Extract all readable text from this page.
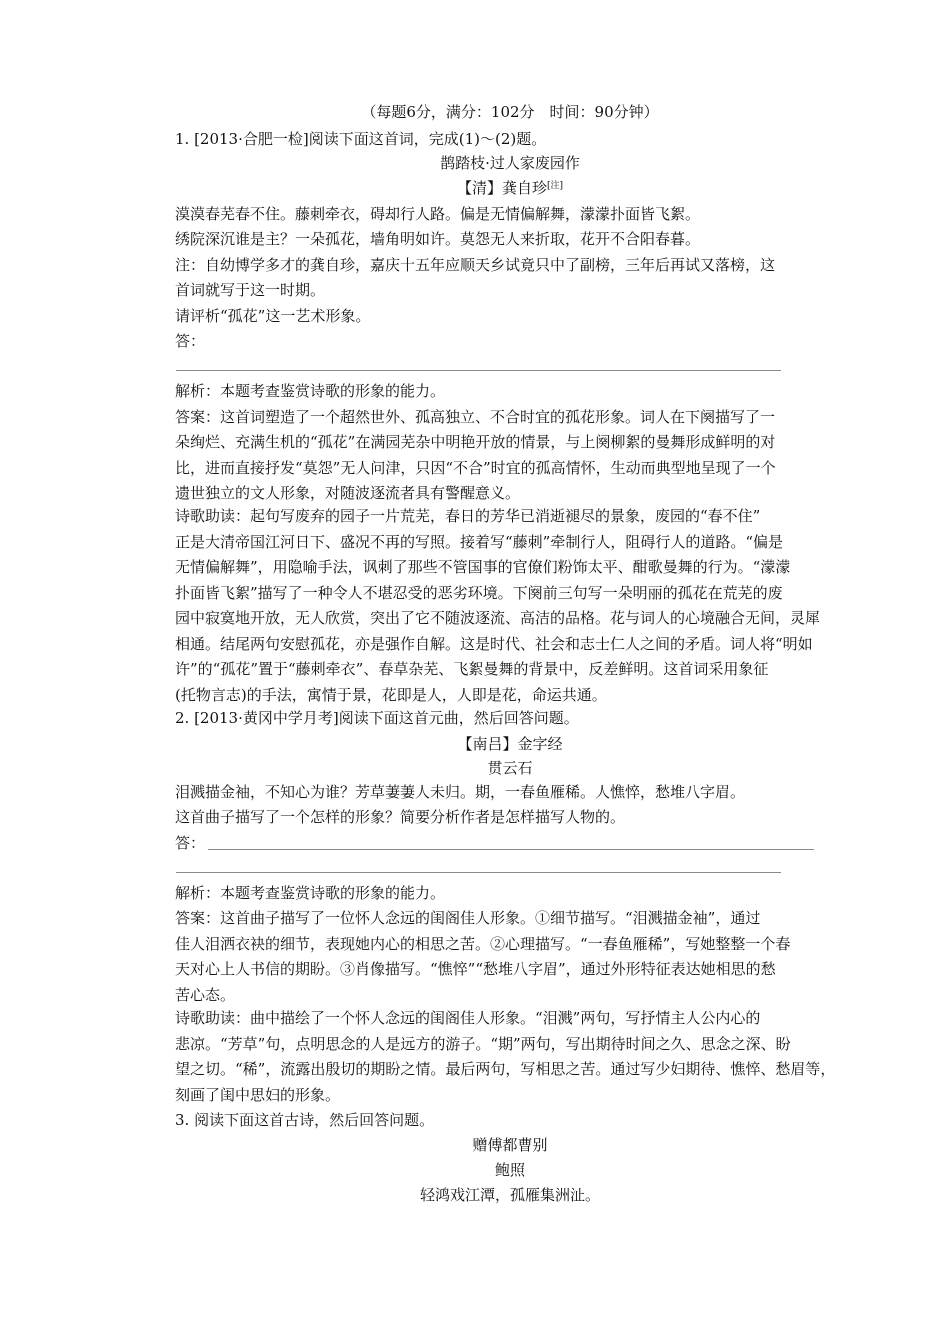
（每题6分，满分：102分　时间：90分钟）
1. [2013·合肥一检]阅读下面这首词，完成(1)～(2)题。
鹊踏枝·过人家废园作
【清】龚自珍[注]
漠漠春芜春不住。藤刺牵衣，碍却行人路。偏是无情偏解舞，濛濛扑面皆飞絮。
绣院深沉谁是主？一朵孤花，墙角明如许。莫怨无人来折取，花开不合阳春暮。
注：自幼博学多才的龚自珍，嘉庆十五年应顺天乡试竟只中了副榜，三年后再试又落榜，这
首词就写于这一时期。
请评析“孤花”这一艺术形象。
答：
解析：本题考查鉴赏诗歌的形象的能力。
答案：这首词塑造了一个超然世外、孤高独立、不合时宜的孤花形象。词人在下阕描写了一
朵绚烂、充满生机的“孤花”在满园芜杂中明艳开放的情景，与上阕柳絮的曼舞形成鲜明的对
比，进而直接抒发“莫怨”无人问津，只因“不合”时宜的孤高情怀，生动而典型地呈现了一个
遗世独立的文人形象，对随波逐流者具有警醒意义。
诗歌助读：起句写废弃的园子一片荒芜，春日的芳华已消逝褪尽的景象，废园的“春不住”
正是大清帝国江河日下、盛况不再的写照。接着写“藤刺”牵制行人，阻碍行人的道路。“偏是
无情偏解舞”，用隐喻手法，讽刺了那些不管国事的官僚们粉饰太平、酣歌曼舞的行为。“濛濛
扑面皆飞絮”描写了一种令人不堪忍受的恶劣环境。下阕前三句写一朵明丽的孤花在荒芜的废
园中寂寞地开放，无人欣赏，突出了它不随波逐流、高洁的品格。花与词人的心境融合无间，灵犀
相通。结尾两句安慰孤花，亦是强作自解。这是时代、社会和志士仁人之间的矛盾。词人将“明如
许”的“孤花”置于“藤刺牵衣”、春草杂芜、飞絮曼舞的背景中，反差鲜明。这首词采用象征
(托物言志)的手法，寓情于景，花即是人，人即是花，命运共通。
2. [2013·黄冈中学月考]阅读下面这首元曲，然后回答问题。
【南吕】金字经
贯云石
泪溅描金袖，不知心为谁？芳草萋萋人未归。期，一春鱼雁稀。人憔悴，愁堆八字眉。
这首曲子描写了一个怎样的形象？简要分析作者是怎样描写人物的。
答：
解析：本题考查鉴赏诗歌的形象的能力。
答案：这首曲子描写了一位怀人念远的闺阁佳人形象。①细节描写。“泪溅描金袖”，通过
佳人泪洒衣袂的细节，表现她内心的相思之苦。②心理描写。“一春鱼雁稀”，写她整整一个春
天对心上人书信的期盼。③肖像描写。“憔悴”“愁堆八字眉”，通过外形特征表达她相思的愁
苦心态。
诗歌助读：曲中描绘了一个怀人念远的闺阁佳人形象。“泪溅”两句，写抒情主人公内心的
悲凉。“芳草”句，点明思念的人是远方的游子。“期”两句，写出期待时间之久、思念之深、盼
望之切。“稀”，流露出殷切的期盼之情。最后两句，写相思之苦。通过写少妇期待、憔悴、愁眉等，
刻画了闺中思妇的形象。
3. 阅读下面这首古诗，然后回答问题。
赠傅都曹别
鲍照
轻鸿戏江潭，孤雁集洲沚。
